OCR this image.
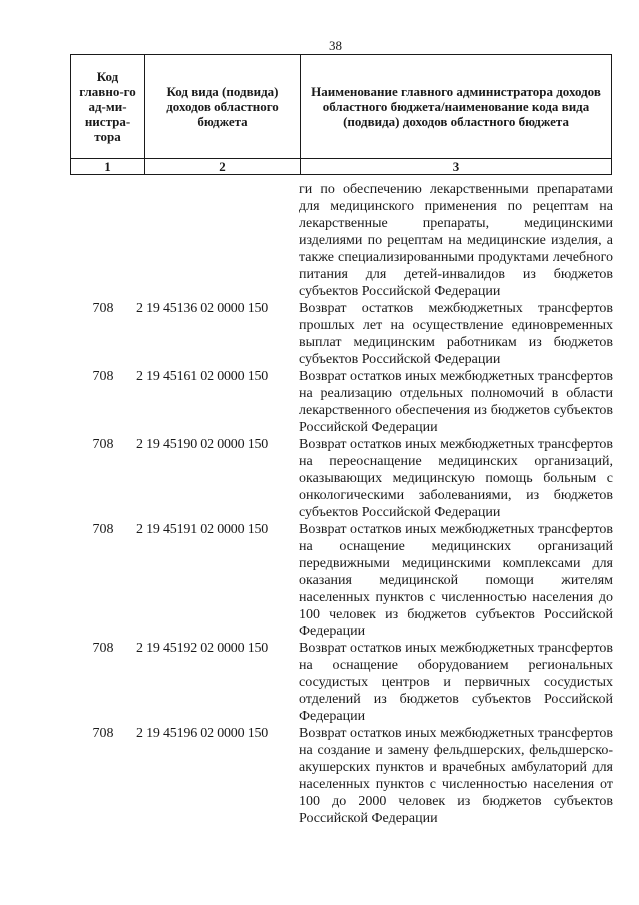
38
Код главно-го ад-ми-нистра-тора	Код вида (подвида) доходов областного бюджета	Наименование главного администратора доходов областного бюджета/наименование кода вида (подвида) доходов областного бюджета

1	2	3
ги по обеспечению лекарственными препаратами для медицинского применения по рецептам на лекарственные препараты, медицинскими изделиями по рецептам на медицинские изделия, а также специализированными продуктами лечебного питания для детей-инвалидов из бюджетов субъектов Российской Федерации
708	2 19 45136 02 0000 150	Возврат остатков межбюджетных трансфертов прошлых лет на осуществление единовременных выплат медицинским работникам из бюджетов субъектов Российской Федерации
708	2 19 45161 02 0000 150	Возврат остатков иных межбюджетных трансфертов на реализацию отдельных полномочий в области лекарственного обеспечения из бюджетов субъектов Российской Федерации
708	2 19 45190 02 0000 150	Возврат остатков иных межбюджетных трансфертов на переоснащение медицинских организаций, оказывающих медицинскую помощь больным с онкологическими заболеваниями, из бюджетов субъектов Российской Федерации
708	2 19 45191 02 0000 150	Возврат остатков иных межбюджетных трансфертов на оснащение медицинских организаций передвижными медицинскими комплексами для оказания медицинской помощи жителям населенных пунктов с численностью населения до 100 человек из бюджетов субъектов Российской Федерации
708	2 19 45192 02 0000 150	Возврат остатков иных межбюджетных трансфертов на оснащение оборудованием региональных сосудистых центров и первичных сосудистых отделений из бюджетов субъектов Российской Федерации
708	2 19 45196 02 0000 150	Возврат остатков иных межбюджетных трансфертов на создание и замену фельдшерских, фельдшерско-акушерских пунктов и врачебных амбулаторий для населенных пунктов с численностью населения от 100 до 2000 человек из бюджетов субъектов Российской Федерации
